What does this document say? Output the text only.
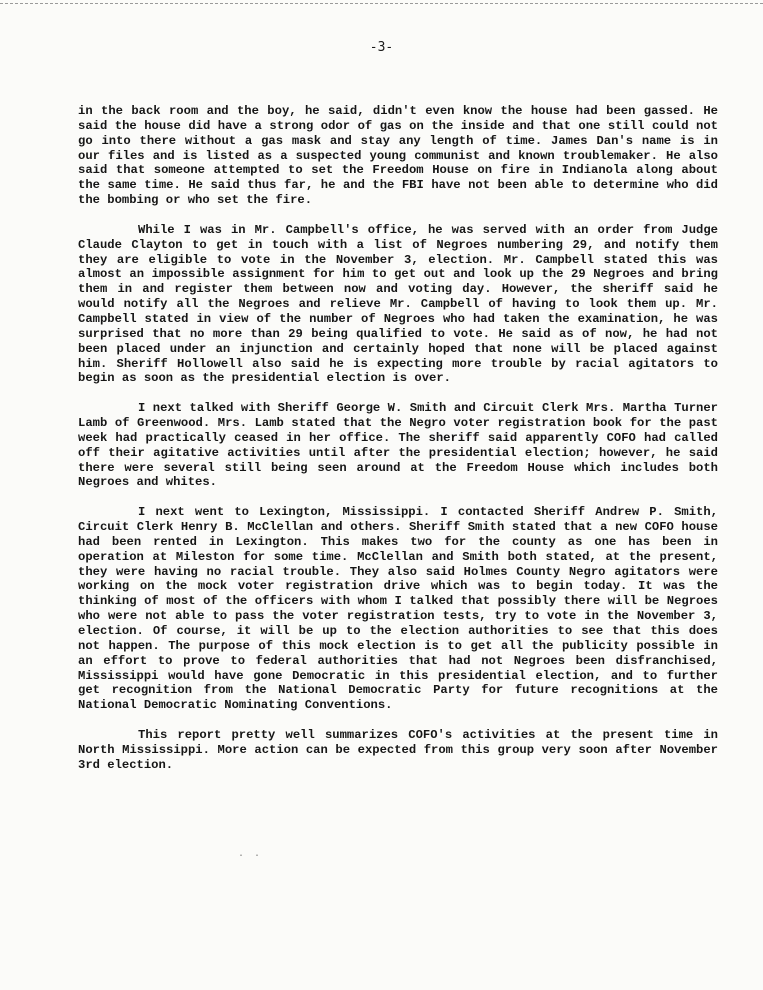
-3-

in the back room and the boy, he said, didn't even know the house had been gassed. He said the house did have a strong odor of gas on the inside and that one still could not go into there without a gas mask and stay any length of time. James Dan's name is in our files and is listed as a suspected young communist and known troublemaker. He also said that someone attempted to set the Freedom House on fire in Indianola along about the same time. He said thus far, he and the FBI have not been able to determine who did the bombing or who set the fire.

While I was in Mr. Campbell's office, he was served with an order from Judge Claude Clayton to get in touch with a list of Negroes numbering 29, and notify them they are eligible to vote in the November 3, election. Mr. Campbell stated this was almost an impossible assignment for him to get out and look up the 29 Negroes and bring them in and register them between now and voting day. However, the sheriff said he would notify all the Negroes and relieve Mr. Campbell of having to look them up. Mr. Campbell stated in view of the number of Negroes who had taken the examination, he was surprised that no more than 29 being qualified to vote. He said as of now, he had not been placed under an injunction and certainly hoped that none will be placed against him. Sheriff Hollowell also said he is expecting more trouble by racial agitators to begin as soon as the presidential election is over.

I next talked with Sheriff George W. Smith and Circuit Clerk Mrs. Martha Turner Lamb of Greenwood. Mrs. Lamb stated that the Negro voter registration book for the past week had practically ceased in her office. The sheriff said apparently COFO had called off their agitative activities until after the presidential election; however, he said there were several still being seen around at the Freedom House which includes both Negroes and whites.

I next went to Lexington, Mississippi. I contacted Sheriff Andrew P. Smith, Circuit Clerk Henry B. McClellan and others. Sheriff Smith stated that a new COFO house had been rented in Lexington. This makes two for the county as one has been in operation at Mileston for some time. McClellan and Smith both stated, at the present, they were having no racial trouble. They also said Holmes County Negro agitators were working on the mock voter registration drive which was to begin today. It was the thinking of most of the officers with whom I talked that possibly there will be Negroes who were not able to pass the voter registration tests, try to vote in the November 3, election. Of course, it will be up to the election authorities to see that this does not happen. The purpose of this mock election is to get all the publicity possible in an effort to prove to federal authorities that had not Negroes been disfranchised, Mississippi would have gone Democratic in this presidential election, and to further get recognition from the National Democratic Party for future recognitions at the National Democratic Nominating Conventions.

This report pretty well summarizes COFO's activities at the present time in North Mississippi. More action can be expected from this group very soon after November 3rd election.

. .
